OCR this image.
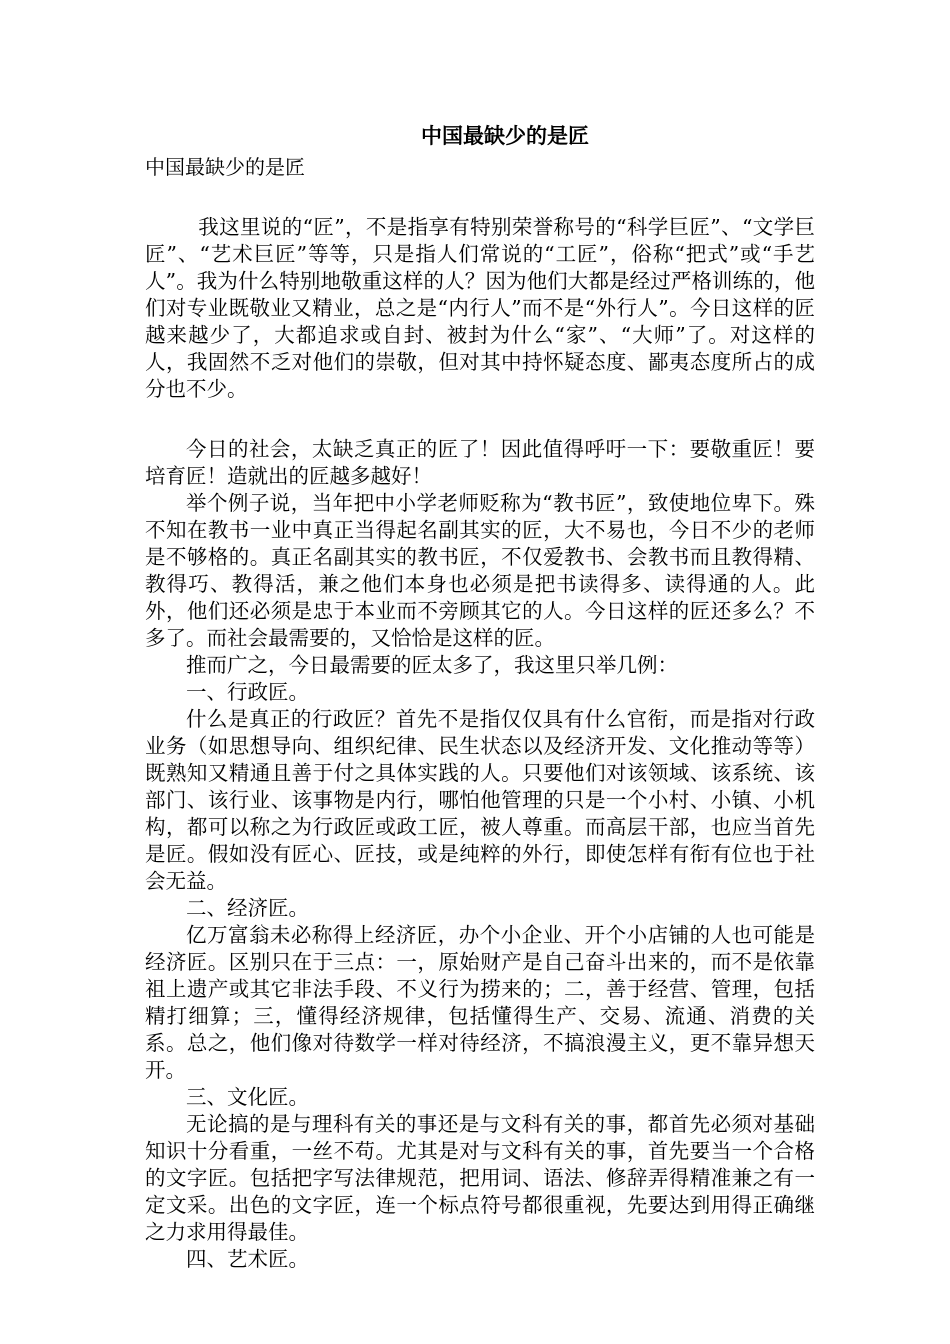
中国最缺少的是匠
中国最缺少的是匠

我这里说的“匠”，不是指享有特别荣誉称号的“科学巨匠”、“文学巨匠”、“艺术巨匠”等等，只是指人们常说的“工匠”，俗称“把式”或“手艺人”。我为什么特别地敬重这样的人？因为他们大都是经过严格训练的，他们对专业既敬业又精业，总之是“内行人”而不是“外行人”。今日这样的匠越来越少了，大都追求或自封、被封为什么“家”、“大师”了。对这样的人，我固然不乏对他们的崇敬，但对其中持怀疑态度、鄙夷态度所占的成分也不少。

今日的社会，太缺乏真正的匠了！因此值得呼吁一下：要敬重匠！要培育匠！造就出的匠越多越好！

举个例子说，当年把中小学老师贬称为“教书匠”，致使地位卑下。殊不知在教书一业中真正当得起名副其实的匠，大不易也，今日不少的老师是不够格的。真正名副其实的教书匠，不仅爱教书、会教书而且教得精、教得巧、教得活，兼之他们本身也必须是把书读得多、读得通的人。此外，他们还必须是忠于本业而不旁顾其它的人。今日这样的匠还多么？不多了。而社会最需要的，又恰恰是这样的匠。

推而广之，今日最需要的匠太多了，我这里只举几例：

一、行政匠。

什么是真正的行政匠？首先不是指仅仅具有什么官衔，而是指对行政业务（如思想导向、组织纪律、民生状态以及经济开发、文化推动等等）既熟知又精通且善于付之具体实践的人。只要他们对该领域、该系统、该部门、该行业、该事物是内行，哪怕他管理的只是一个小村、小镇、小机构，都可以称之为行政匠或政工匠，被人尊重。而高层干部，也应当首先是匠。假如没有匠心、匠技，或是纯粹的外行，即使怎样有衔有位也于社会无益。

二、经济匠。

亿万富翁未必称得上经济匠，办个小企业、开个小店铺的人也可能是经济匠。区别只在于三点：一，原始财产是自己奋斗出来的，而不是依靠祖上遗产或其它非法手段、不义行为捞来的；二，善于经营、管理，包括精打细算；三，懂得经济规律，包括懂得生产、交易、流通、消费的关系。总之，他们像对待数学一样对待经济，不搞浪漫主义，更不靠异想天开。

三、文化匠。

无论搞的是与理科有关的事还是与文科有关的事，都首先必须对基础知识十分看重，一丝不苟。尤其是对与文科有关的事，首先要当一个合格的文字匠。包括把字写法律规范，把用词、语法、修辞弄得精准兼之有一定文采。出色的文字匠，连一个标点符号都很重视，先要达到用得正确继之力求用得最佳。

四、艺术匠。
